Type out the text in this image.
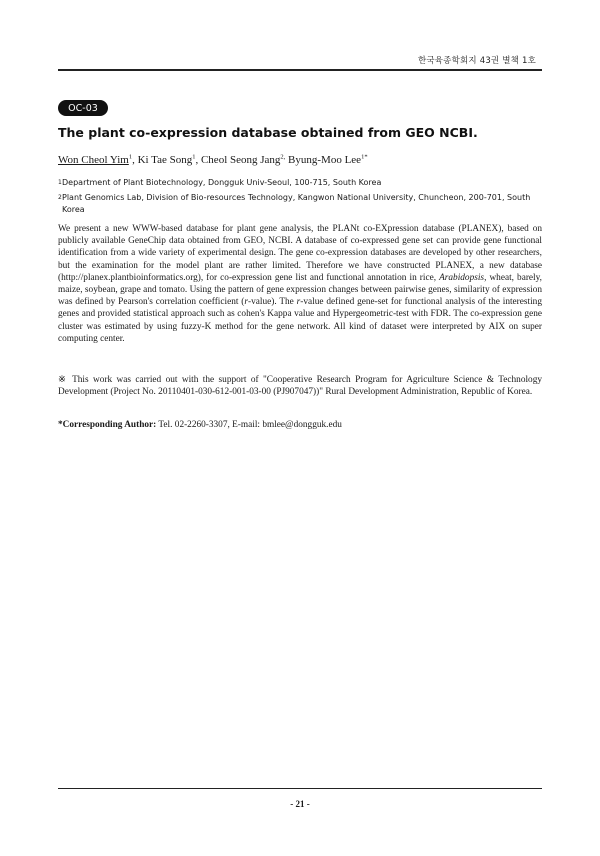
한국육종학회지 43권 별책 1호
OC-03
The plant co-expression database obtained from GEO NCBI.
Won Cheol Yim$^1$, Ki Tae Song$^1$, Cheol Seong Jang$^{2,}$ Byung-Moo Lee$^{1*}$
1Department of Plant Biotechnology, Dongguk Univ-Seoul, 100-715, South Korea
2Plant Genomics Lab, Division of Bio-resources Technology, Kangwon National University, Chuncheon, 200-701, South Korea
We present a new WWW-based database for plant gene analysis, the PLANt co-EXpression database (PLANEX), based on publicly available GeneChip data obtained from GEO, NCBI. A database of co-expressed gene set can provide gene functional identification from a wide variety of experimental design. The gene co-expression databases are developed by other researchers, but the examination for the model plant are rather limited. Therefore we have constructed PLANEX, a new database (http://planex.plantbioinformatics.org), for co-expression gene list and functional annotation in rice, Arabidopsis, wheat, barely, maize, soybean, grape and tomato. Using the pattern of gene expression changes between pairwise genes, similarity of expression was defined by Pearson's correlation coefficient (r-value). The r-value defined gene-set for functional analysis of the interesting genes and provided statistical approach such as cohen's Kappa value and Hypergeometric-test with FDR. The co-expression gene cluster was estimated by using fuzzy-K method for the gene network. All kind of dataset were interpreted by AIX on super computing center.
※ This work was carried out with the support of "Cooperative Research Program for Agriculture Science & Technology Development (Project No. 20110401-030-612-001-03-00 (PJ907047))" Rural Development Administration, Republic of Korea.
*Corresponding Author: Tel. 02-2260-3307, E-mail: bmlee@dongguk.edu
- 21 -
